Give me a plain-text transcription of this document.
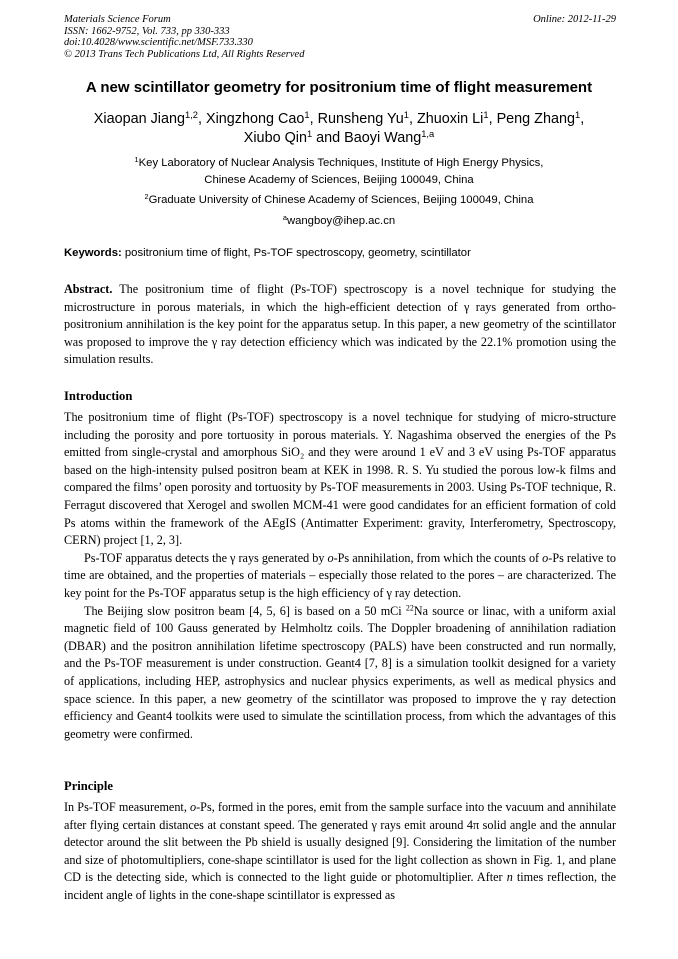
Materials Science Forum
ISSN: 1662-9752, Vol. 733, pp 330-333
doi:10.4028/www.scientific.net/MSF.733.330
© 2013 Trans Tech Publications Ltd, All Rights Reserved
Online: 2012-11-29
A new scintillator geometry for positronium time of flight measurement
Xiaopan Jiang$^{1,2}$, Xingzhong Cao$^1$, Runsheng Yu$^1$, Zhuoxin Li$^1$, Peng Zhang$^1$,
Xiubo Qin$^1$ and Baoyi Wang$^{1,a}$
$^1$Key Laboratory of Nuclear Analysis Techniques, Institute of High Energy Physics,
Chinese Academy of Sciences, Beijing 100049, China
$^2$Graduate University of Chinese Academy of Sciences, Beijing 100049, China
$^a$wangboy@ihep.ac.cn
Keywords: positronium time of flight, Ps-TOF spectroscopy, geometry, scintillator

Abstract. The positronium time of flight (Ps-TOF) spectroscopy is a novel technique for studying the microstructure in porous materials, in which the high-efficient detection of γ rays generated from ortho-positronium annihilation is the key point for the apparatus setup. In this paper, a new geometry of the scintillator was proposed to improve the γ ray detection efficiency which was indicated by the 22.1% promotion using the simulation results.

Introduction

The positronium time of flight (Ps-TOF) spectroscopy is a novel technique for studying of micro-structure including the porosity and pore tortuosity in porous materials. Y. Nagashima observed the energies of the Ps emitted from single-crystal and amorphous SiO₂ and they were around 1 eV and 3 eV using Ps-TOF apparatus based on the high-intensity pulsed positron beam at KEK in 1998. R. S. Yu studied the porous low-k films and compared the films’ open porosity and tortuosity by Ps-TOF measurements in 2003. Using Ps-TOF technique, R. Ferragut discovered that Xerogel and swollen MCM-41 were good candidates for an efficient formation of cold Ps atoms within the framework of the AEgIS (Antimatter Experiment: gravity, Interferometry, Spectroscopy, CERN) project [1, 2, 3].

Ps-TOF apparatus detects the γ rays generated by o-Ps annihilation, from which the counts of o-Ps relative to time are obtained, and the properties of materials – especially those related to the pores – are characterized. The key point for the Ps-TOF apparatus setup is the high efficiency of γ ray detection.

The Beijing slow positron beam [4, 5, 6] is based on a 50 mCi $^{22}$Na source or linac, with a uniform axial magnetic field of 100 Gauss generated by Helmholtz coils. The Doppler broadening of annihilation radiation (DBAR) and the positron annihilation lifetime spectroscopy (PALS) have been constructed and run normally, and the Ps-TOF measurement is under construction. Geant4 [7, 8] is a simulation toolkit designed for a variety of applications, including HEP, astrophysics and nuclear physics experiments, as well as medical physics and space science. In this paper, a new geometry of the scintillator was proposed to improve the γ ray detection efficiency and Geant4 toolkits were used to simulate the scintillation process, from which the advantages of this geometry were confirmed.

Principle

In Ps-TOF measurement, o-Ps, formed in the pores, emit from the sample surface into the vacuum and annihilate after flying certain distances at constant speed. The generated γ rays emit around 4π solid angle and the annular detector around the slit between the Pb shield is usually designed [9]. Considering the limitation of the number and size of photomultipliers, cone-shape scintillator is used for the light collection as shown in Fig. 1, and plane CD is the detecting side, which is connected to the light guide or photomultiplier. After n times reflection, the incident angle of lights in the cone-shape scintillator is expressed as
